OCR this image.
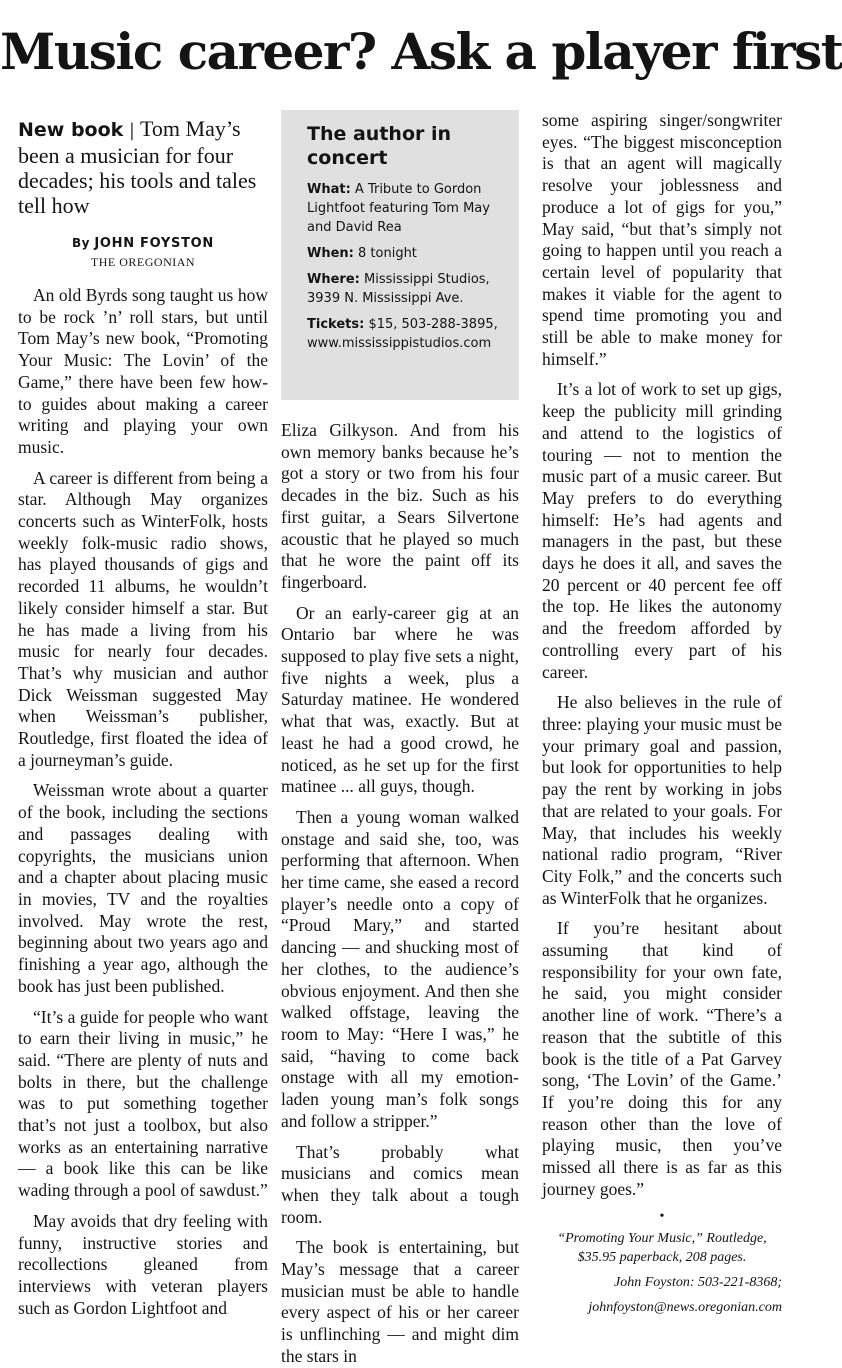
Music career? Ask a player first
New book | Tom May’s been a musician for four decades; his tools and tales tell how
By JOHN FOYSTON
THE OREGONIAN

An old Byrds song taught us how to be rock ’n’ roll stars, but until Tom May’s new book, “Promoting Your Music: The Lovin’ of the Game,” there have been few how-to guides about making a career writing and playing your own music.

A career is different from being a star. Although May organizes concerts such as WinterFolk, hosts weekly folk-music radio shows, has played thousands of gigs and recorded 11 albums, he wouldn’t likely consider himself a star. But he has made a living from his music for nearly four decades. That’s why musician and author Dick Weissman suggested May when Weissman’s publisher, Routledge, first floated the idea of a journeyman’s guide.

Weissman wrote about a quarter of the book, including the sections and passages dealing with copyrights, the musicians union and a chapter about placing music in movies, TV and the royalties involved. May wrote the rest, beginning about two years ago and finishing a year ago, although the book has just been published.

“It’s a guide for people who want to earn their living in music,” he said. “There are plenty of nuts and bolts in there, but the challenge was to put something together that’s not just a toolbox, but also works as an entertaining narrative — a book like this can be like wading through a pool of sawdust.”

May avoids that dry feeling with funny, instructive stories and recollections gleaned from interviews with veteran players such as Gordon Lightfoot and

The author in concert
What: A Tribute to Gordon Lightfoot featuring Tom May and David Rea
When: 8 tonight
Where: Mississippi Studios, 3939 N. Mississippi Ave.
Tickets: $15, 503-288-3895, www.mississippistudios.com

Eliza Gilkyson. And from his own memory banks because he’s got a story or two from his four decades in the biz. Such as his first guitar, a Sears Silvertone acoustic that he played so much that he wore the paint off its fingerboard.

Or an early-career gig at an Ontario bar where he was supposed to play five sets a night, five nights a week, plus a Saturday matinee. He wondered what that was, exactly. But at least he had a good crowd, he noticed, as he set up for the first matinee ... all guys, though.

Then a young woman walked onstage and said she, too, was performing that afternoon. When her time came, she eased a record player’s needle onto a copy of “Proud Mary,” and started dancing — and shucking most of her clothes, to the audience’s obvious enjoyment. And then she walked offstage, leaving the room to May: “Here I was,” he said, “having to come back onstage with all my emotion-laden young man’s folk songs and follow a stripper.”

That’s probably what musicians and comics mean when they talk about a tough room.

The book is entertaining, but May’s message that a career musician must be able to handle every aspect of his or her career is unflinching — and might dim the stars in

some aspiring singer/songwriter eyes. “The biggest misconception is that an agent will magically resolve your joblessness and produce a lot of gigs for you,” May said, “but that’s simply not going to happen until you reach a certain level of popularity that makes it viable for the agent to spend time promoting you and still be able to make money for himself.”

It’s a lot of work to set up gigs, keep the publicity mill grinding and attend to the logistics of touring — not to mention the music part of a music career. But May prefers to do everything himself: He’s had agents and managers in the past, but these days he does it all, and saves the 20 percent or 40 percent fee off the top. He likes the autonomy and the freedom afforded by controlling every part of his career.

He also believes in the rule of three: playing your music must be your primary goal and passion, but look for opportunities to help pay the rent by working in jobs that are related to your goals. For May, that includes his weekly national radio program, “River City Folk,” and the concerts such as WinterFolk that he organizes.

If you’re hesitant about assuming that kind of responsibility for your own fate, he said, you might consider another line of work. “There’s a reason that the subtitle of this book is the title of a Pat Garvey song, ‘The Lovin’ of the Game.’ If you’re doing this for any reason other than the love of playing music, then you’ve missed all there is as far as this journey goes.”

•
“Promoting Your Music,” Routledge, $35.95 paperback, 208 pages.
John Foyston: 503-221-8368;
johnfoyston@news.oregonian.com
